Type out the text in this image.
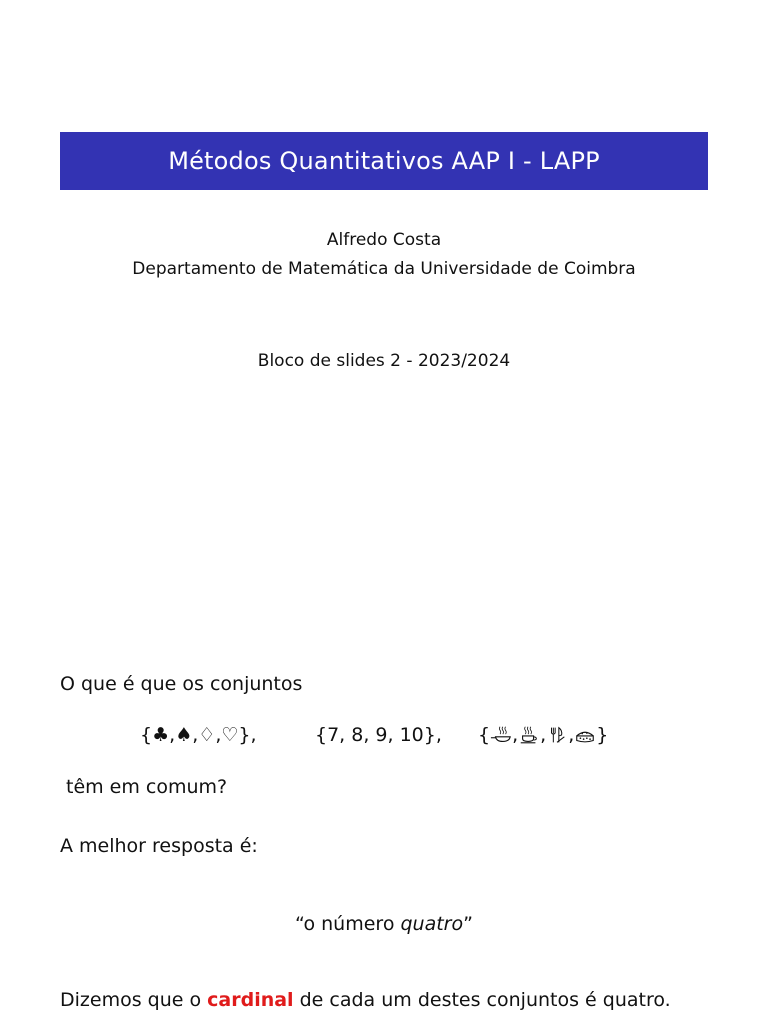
Métodos Quantitativos AAP I - LAPP
Alfredo Costa
Departamento de Matemática da Universidade de Coimbra
Bloco de slides 2 - 2023/2024
O que é que os conjuntos
{ ♣ , ♠ , ♢ , ♡ },	{7, 8, 9, 10}, { , , , }
têm em comum?
A melhor resposta é:
“o número quatro”
Dizemos que o cardinal de cada um destes conjuntos é quatro.
